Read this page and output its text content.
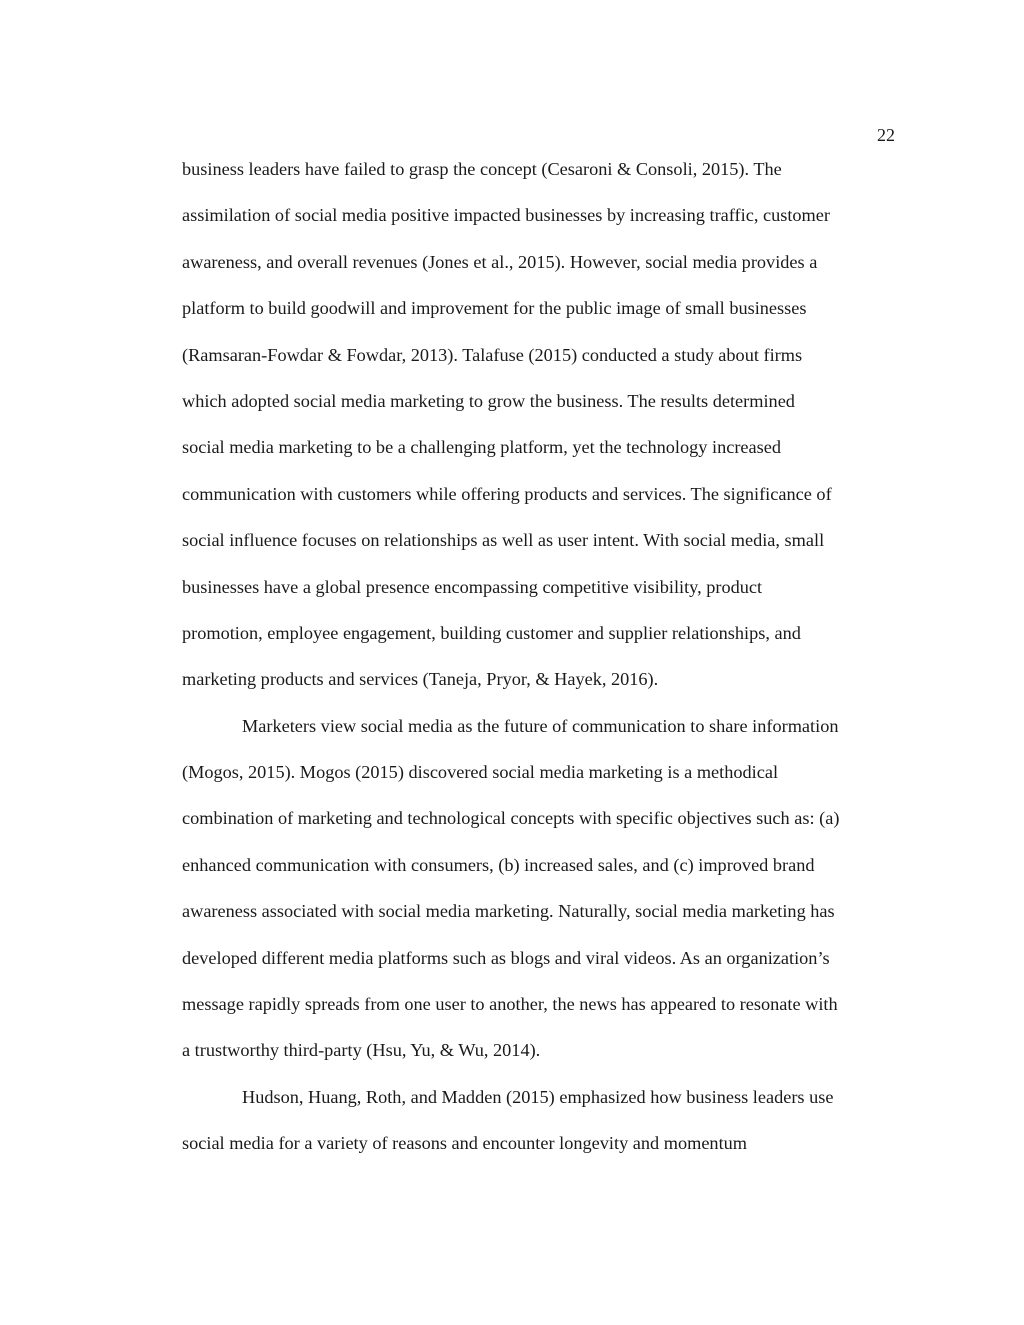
22
business leaders have failed to grasp the concept (Cesaroni & Consoli, 2015). The
assimilation of social media positive impacted businesses by increasing traffic, customer
awareness, and overall revenues (Jones et al., 2015). However, social media provides a
platform to build goodwill and improvement for the public image of small businesses
(Ramsaran-Fowdar & Fowdar, 2013). Talafuse (2015) conducted a study about firms
which adopted social media marketing to grow the business. The results determined
social media marketing to be a challenging platform, yet the technology increased
communication with customers while offering products and services. The significance of
social influence focuses on relationships as well as user intent. With social media, small
businesses have a global presence encompassing competitive visibility, product
promotion, employee engagement, building customer and supplier relationships, and
marketing products and services (Taneja, Pryor, & Hayek, 2016).
Marketers view social media as the future of communication to share information
(Mogos, 2015). Mogos (2015) discovered social media marketing is a methodical
combination of marketing and technological concepts with specific objectives such as: (a)
enhanced communication with consumers, (b) increased sales, and (c) improved brand
awareness associated with social media marketing. Naturally, social media marketing has
developed different media platforms such as blogs and viral videos. As an organization’s
message rapidly spreads from one user to another, the news has appeared to resonate with
a trustworthy third-party (Hsu, Yu, & Wu, 2014).
Hudson, Huang, Roth, and Madden (2015) emphasized how business leaders use
social media for a variety of reasons and encounter longevity and momentum
